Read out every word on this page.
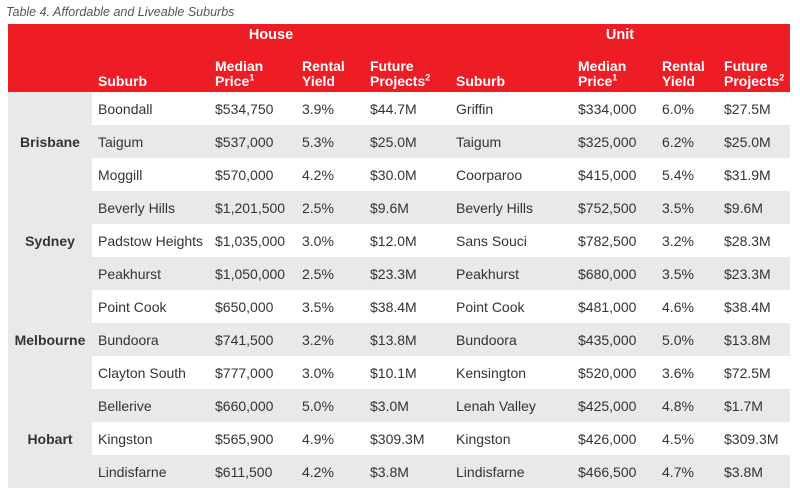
Table 4. Affordable and Liveable Suburbs
	House				Unit			
	Suburb	Median Price$^1$	Rental Yield	Future Projects$^2$	Suburb	Median Price$^1$	Rental Yield	Future Projects$^2$
Brisbane	Boondall	$534,750	3.9%	$44.7M	Griffin	$334,000	6.0%	$27.5M
	Taigum	$537,000	5.3%	$25.0M	Taigum	$325,000	6.2%	$25.0M
	Moggill	$570,000	4.2%	$30.0M	Coorparoo	$415,000	5.4%	$31.9M
Sydney	Beverly Hills	$1,201,500	2.5%	$9.6M	Beverly Hills	$752,500	3.5%	$9.6M
	Padstow Heights	$1,035,000	3.0%	$12.0M	Sans Souci	$782,500	3.2%	$28.3M
	Peakhurst	$1,050,000	2.5%	$23.3M	Peakhurst	$680,000	3.5%	$23.3M
Melbourne	Point Cook	$650,000	3.5%	$38.4M	Point Cook	$481,000	4.6%	$38.4M
	Bundoora	$741,500	3.2%	$13.8M	Bundoora	$435,000	5.0%	$13.8M
	Clayton South	$777,000	3.0%	$10.1M	Kensington	$520,000	3.6%	$72.5M
Hobart	Bellerive	$660,000	5.0%	$3.0M	Lenah Valley	$425,000	4.8%	$1.7M
	Kingston	$565,900	4.9%	$309.3M	Kingston	$426,000	4.5%	$309.3M
	Lindisfarne	$611,500	4.2%	$3.8M	Lindisfarne	$466,500	4.7%	$3.8M
